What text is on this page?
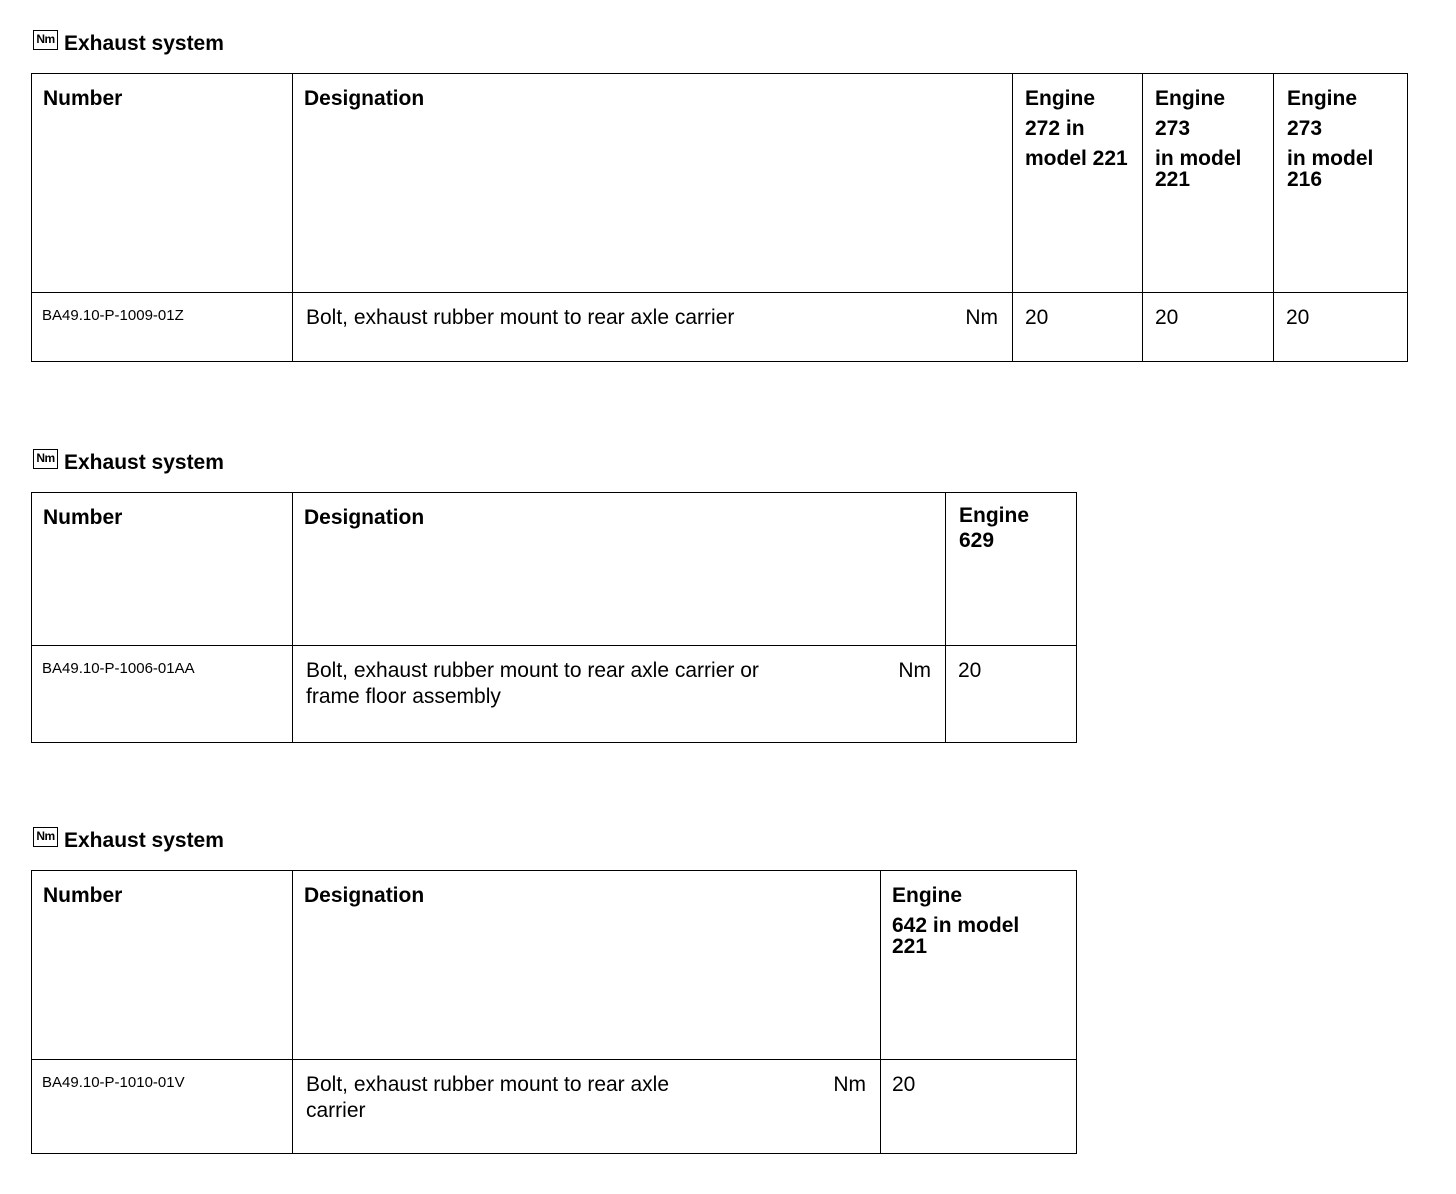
Nm Exhaust system
Number	Designation	Engine
272 in
model 221	Engine
273
in model
221	Engine
273
in model
216

BA49.10-P-1009-01Z	Bolt, exhaust rubber mount to rear axle carrier Nm	20	20	20
Nm Exhaust system
Number	Designation	Engine
629

BA49.10-P-1006-01AA	Bolt, exhaust rubber mount to rear axle carrier or
frame floor assembly
Nm	20
Nm Exhaust system
Number	Designation	Engine
642 in model
221

BA49.10-P-1010-01V	Bolt, exhaust rubber mount to rear axle
carrier
Nm	20
